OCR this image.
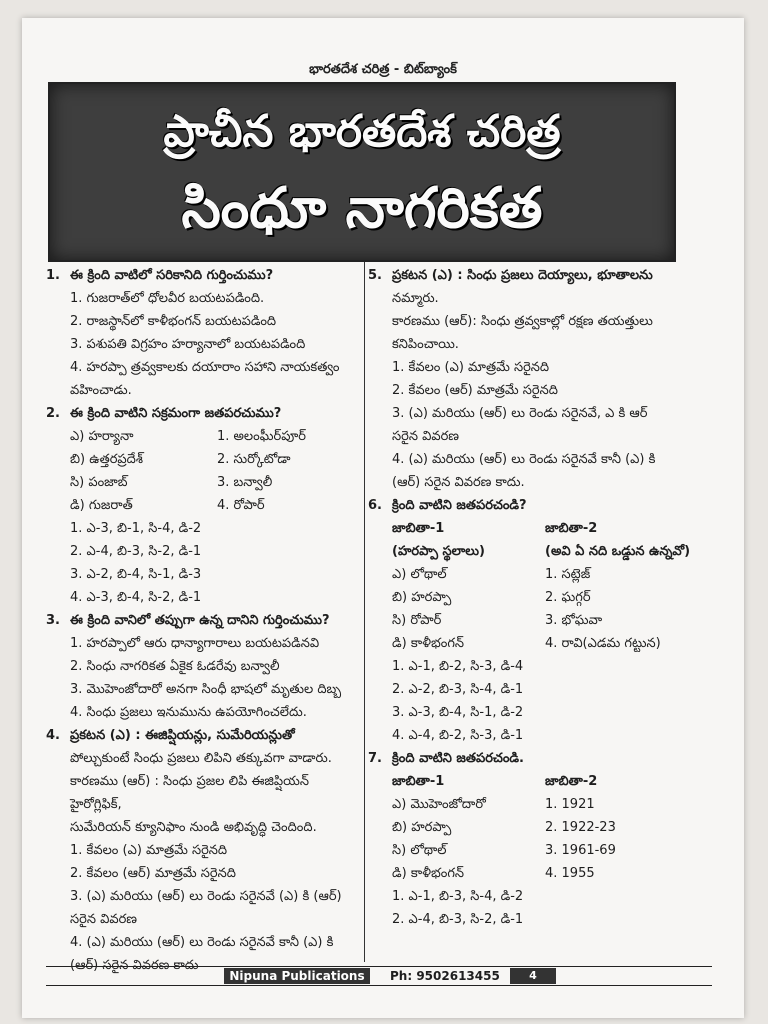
భారతదేశ చరిత్ర - బిట్‌బ్యాంక్
ప్రాచీన భారతదేశ చరిత్ర
సింధూ నాగరికత
1. ఈ క్రింది వాటిలో సరికానిది గుర్తించుము?
1. గుజరాత్‌లో ధోలవీర బయటపడింది.
2. రాజస్థాన్‌లో కాళీభంగన్ బయటపడింది
3. పశుపతి విగ్రహం హర్యానాలో బయటపడింది
4. హరప్పా త్రవ్వకాలకు దయారాం సహాని నాయకత్వం
వహించాడు.
2. ఈ క్రింది వాటిని సక్రమంగా జతపరచుము?
ఎ) హర్యానా	1. అలంఘీర్‌పూర్
బి) ఉత్తరప్రదేశ్	2. సుర్కోటోడా
సి) పంజాబ్	3. బన్వాలీ
డి) గుజరాత్	4. రోపార్
1. ఎ-3, బి-1, సి-4, డి-2
2. ఎ-4, బి-3, సి-2, డి-1
3. ఎ-2, బి-4, సి-1, డి-3
4. ఎ-3, బి-4, సి-2, డి-1
3. ఈ క్రింది వానిలో తప్పుగా ఉన్న దానిని గుర్తించుము?
1. హరప్పాలో ఆరు ధాన్యాగారాలు బయటపడినవి
2. సింధు నాగరికత ఏకైక ఓడరేవు బన్వాలీ
3. మొహెంజోదారో అనగా సింధీ భాషలో మృతుల దిబ్బ
4. సింధు ప్రజలు ఇనుమును ఉపయోగించలేదు.
4. ప్రకటన (ఎ) : ఈజిప్షియన్లు, సుమేరియన్లుతో
పోల్చుకుంటే సింధు ప్రజలు లిపిని తక్కువగా వాడారు.
కారణము (ఆర్) : సింధు ప్రజల లిపి ఈజిప్షియన్ హైరోగ్లిఫిక్,
సుమేరియన్ క్యూనిఫాం నుండి అభివృద్ధి చెందింది.
1. కేవలం (ఎ) మాత్రమే సరైనది
2. కేవలం (ఆర్) మాత్రమే సరైనది
3. (ఎ) మరియు (ఆర్) లు రెండు సరైనవే (ఎ) కి (ఆర్)
సరైన వివరణ
4. (ఎ) మరియు (ఆర్) లు రెండు సరైనవే కానీ (ఎ) కి
(ఆర్) సరైన వివరణ కాదు
5. ప్రకటన (ఎ) : సింధు ప్రజలు దెయ్యాలు, భూతాలను
నమ్మారు.
కారణము (ఆర్): సింధు త్రవ్వకాల్లో రక్షణ తయత్తులు
కనిపించాయి.
1. కేవలం (ఎ) మాత్రమే సరైనది
2. కేవలం (ఆర్) మాత్రమే సరైనది
3. (ఎ) మరియు (ఆర్) లు రెండు సరైనవే, ఎ కి ఆర్
సరైన వివరణ
4. (ఎ) మరియు (ఆర్) లు రెండు సరైనవే కానీ (ఎ) కి
(ఆర్) సరైన వివరణ కాదు.
6. క్రింది వాటిని జతపరచండి?
జాబితా-1	జాబితా-2
(హరప్పా స్థలాలు)	(అవి ఏ నది ఒడ్డున ఉన్నవో)
ఎ) లోథాల్	1. సట్లెజ్
బి) హరప్పా	2. ఘగ్గర్
సి) రోపార్	3. భోఘవా
డి) కాళీభంగన్	4. రావి(ఎడమ గట్టున)
1. ఎ-1, బి-2, సి-3, డి-4
2. ఎ-2, బి-3, సి-4, డి-1
3. ఎ-3, బి-4, సి-1, డి-2
4. ఎ-4, బి-2, సి-3, డి-1
7. క్రింది వాటిని జతపరచండి.
జాబితా-1	జాబితా-2
ఎ) మొహెంజోదారో	1. 1921
బి) హరప్పా	2. 1922-23
సి) లోథాల్	3. 1961-69
డి) కాళీభంగన్	4. 1955
1. ఎ-1, బి-3, సి-4, డి-2
2. ఎ-4, బి-3, సి-2, డి-1
Nipuna Publications	Ph: 9502613455	4
